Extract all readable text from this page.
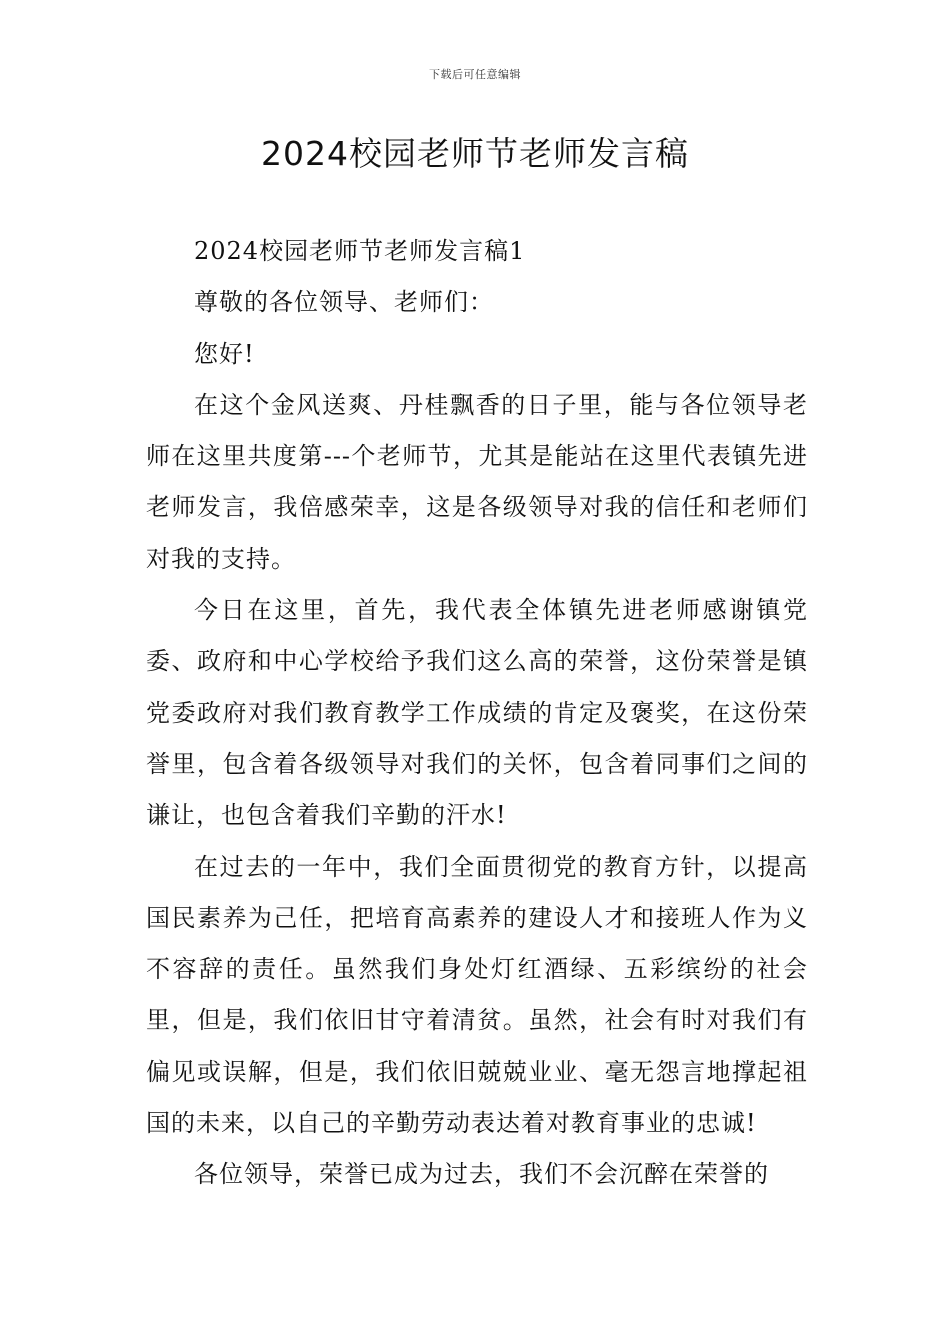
下载后可任意编辑
2024校园老师节老师发言稿

2024校园老师节老师发言稿1

尊敬的各位领导、老师们：

您好!

在这个金风送爽、丹桂飘香的日子里，能与各位领导老师在这里共度第---个老师节，尤其是能站在这里代表镇先进老师发言，我倍感荣幸，这是各级领导对我的信任和老师们对我的支持。

今日在这里，首先，我代表全体镇先进老师感谢镇党委、政府和中心学校给予我们这么高的荣誉，这份荣誉是镇党委政府对我们教育教学工作成绩的肯定及褒奖，在这份荣誉里，包含着各级领导对我们的关怀，包含着同事们之间的谦让，也包含着我们辛勤的汗水!

在过去的一年中，我们全面贯彻党的教育方针，以提高国民素养为己任，把培育高素养的建设人才和接班人作为义不容辞的责任。虽然我们身处灯红酒绿、五彩缤纷的社会里，但是，我们依旧甘守着清贫。虽然，社会有时对我们有偏见或误解，但是，我们依旧兢兢业业、毫无怨言地撑起祖国的未来，以自己的辛勤劳动表达着对教育事业的忠诚!

各位领导，荣誉已成为过去，我们不会沉醉在荣誉的
